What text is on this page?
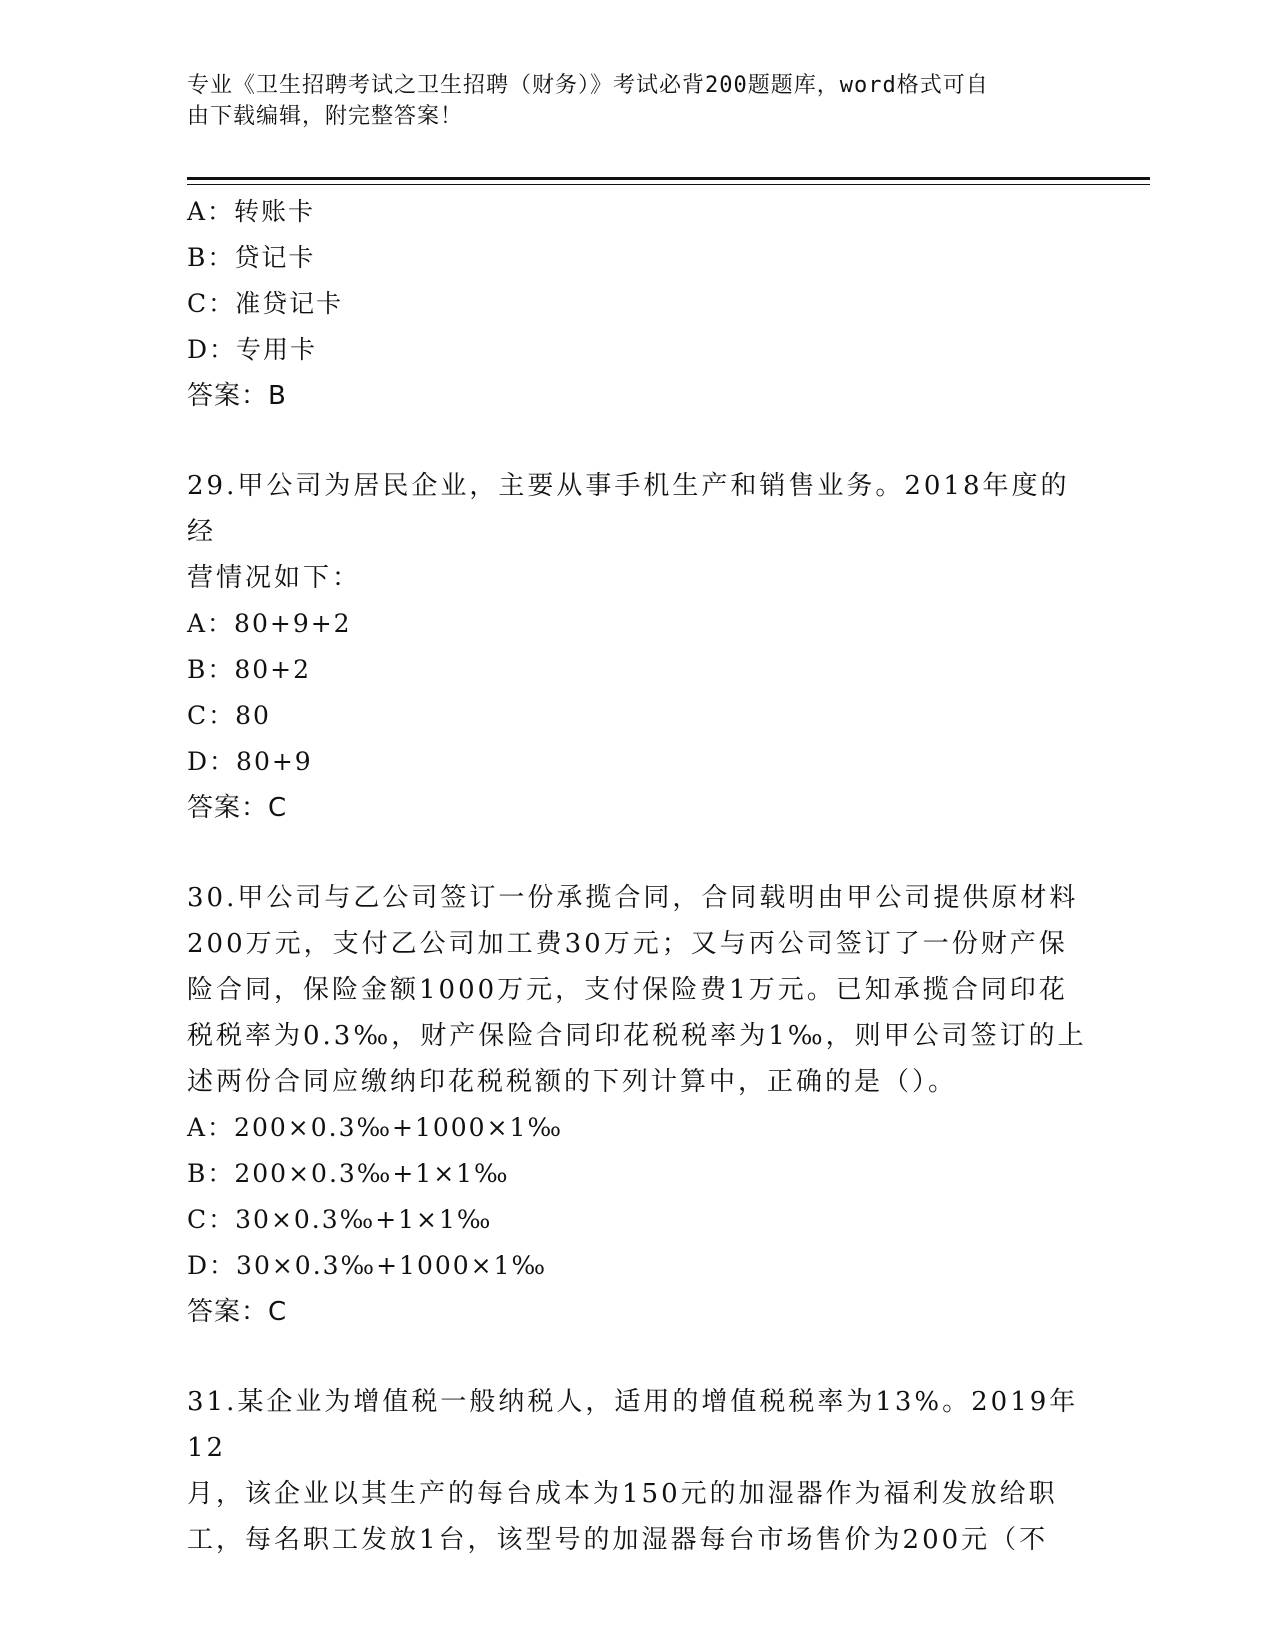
专业《卫生招聘考试之卫生招聘（财务）》考试必背200题题库，word格式可自
由下载编辑，附完整答案！
A：转账卡
B：贷记卡
C：准贷记卡
D：专用卡
答案：B
29.甲公司为居民企业，主要从事手机生产和销售业务。2018年度的经
营情况如下：
A：80+9+2
B：80+2
C：80
D：80+9
答案：C
30.甲公司与乙公司签订一份承揽合同，合同载明由甲公司提供原材料
200万元，支付乙公司加工费30万元；又与丙公司签订了一份财产保
险合同，保险金额1000万元，支付保险费1万元。已知承揽合同印花
税税率为0.3‰，财产保险合同印花税税率为1‰，则甲公司签订的上
述两份合同应缴纳印花税税额的下列计算中，正确的是（）。
A：200×0.3‰+1000×1‰
B：200×0.3‰+1×1‰
C：30×0.3‰+1×1‰
D：30×0.3‰+1000×1‰
答案：C
31.某企业为增值税一般纳税人，适用的增值税税率为13%。2019年12
月，该企业以其生产的每台成本为150元的加湿器作为福利发放给职
工，每名职工发放1台，该型号的加湿器每台市场售价为200元（不
